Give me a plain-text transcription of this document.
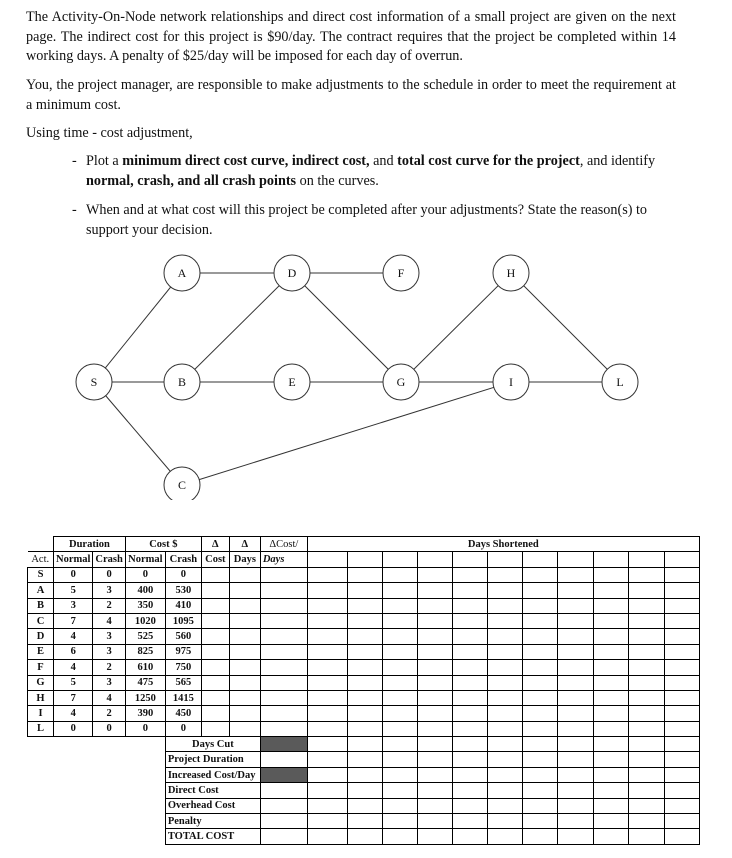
The Activity-On-Node network relationships and direct cost information of a small project are given on the next page. The indirect cost for this project is $90/day. The contract requires that the project be completed within 14 working days. A penalty of $25/day will be imposed for each day of overrun.

You, the project manager, are responsible to make adjustments to the schedule in order to meet the requirement at a minimum cost.

Using time - cost adjustment,

- Plot a minimum direct cost curve, indirect cost, and total cost curve for the project, and identify normal, crash, and all crash points on the curves.
- When and at what cost will this project be completed after your adjustments? State the reason(s) to support your decision.
A	D	F	H
S	B	E	G	I	L
C
	Duration		Cost $		Δ	Δ	ΔCost/	Days Shortened										
Act.	Normal	Crash	Normal	Crash	Cost	Days	Days											
S	0	0	0	0														
A	5	3	400	530														
B	3	2	350	410														
C	7	4	1020	1095														
D	4	3	525	560														
E	6	3	825	975														
F	4	2	610	750														
G	5	3	475	565														
H	7	4	1250	1415														
I	4	2	390	450														
L	0	0	0	0														
				Days Cut														
				Project Duration														
				Increased Cost/Day														
				Direct Cost														
				Overhead Cost														
				Penalty														
				TOTAL COST														
